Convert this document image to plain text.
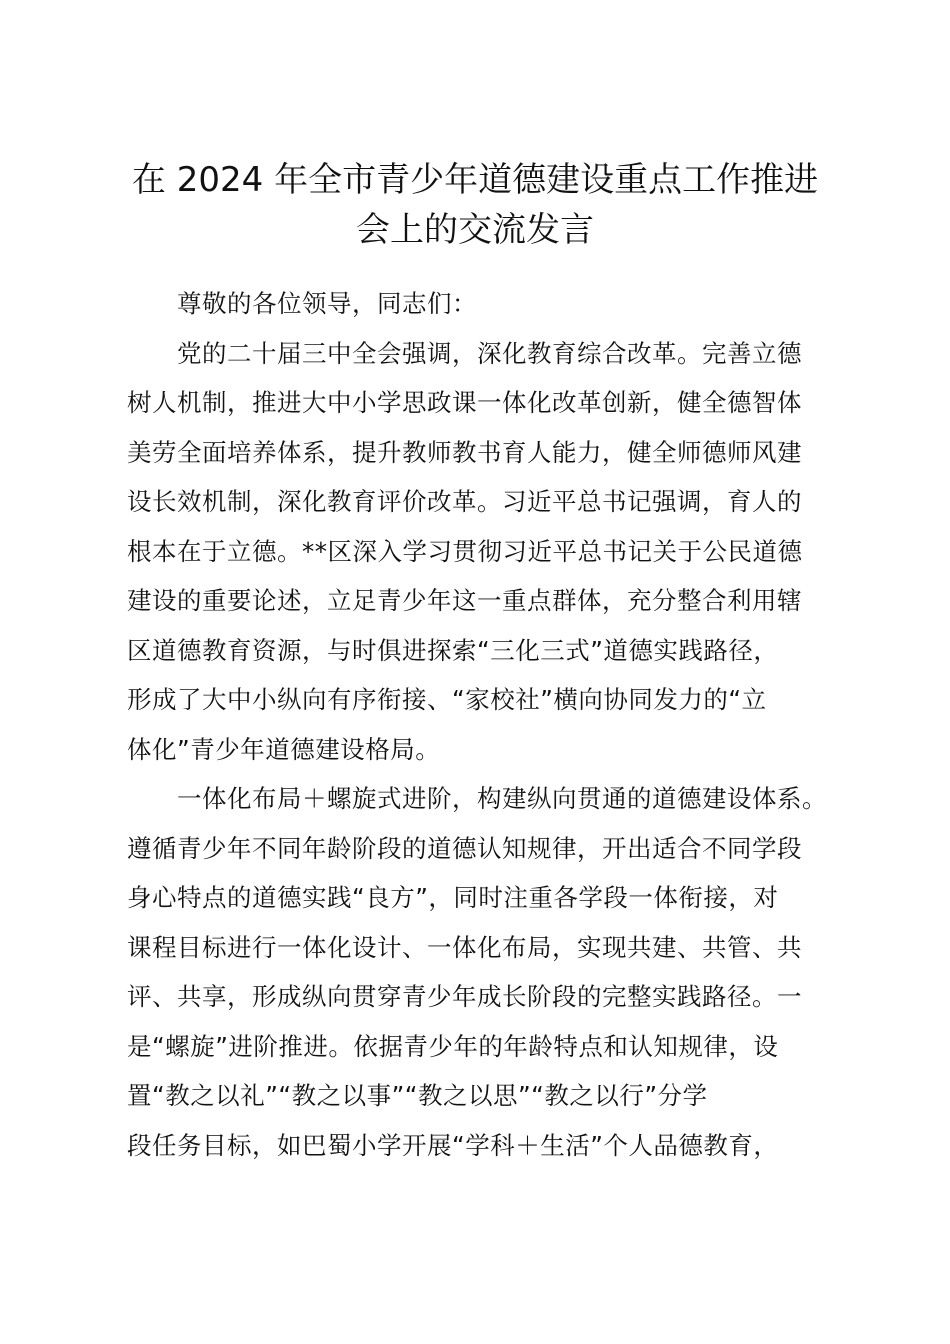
在 2024 年全市青少年道德建设重点工作推进
会上的交流发言
尊敬的各位领导，同志们：
党的二十届三中全会强调，深化教育综合改革。完善立德
树人机制，推进大中小学思政课一体化改革创新，健全德智体
美劳全面培养体系，提升教师教书育人能力，健全师德师风建
设长效机制，深化教育评价改革。习近平总书记强调，育人的
根本在于立德。**区深入学习贯彻习近平总书记关于公民道德
建设的重要论述，立足青少年这一重点群体，充分整合利用辖
区道德教育资源，与时俱进探索“三化三式”道德实践路径，
形成了大中小纵向有序衔接、“家校社”横向协同发力的“立
体化”青少年道德建设格局。
一体化布局＋螺旋式进阶，构建纵向贯通的道德建设体系。
遵循青少年不同年龄阶段的道德认知规律，开出适合不同学段
身心特点的道德实践“良方”，同时注重各学段一体衔接，对
课程目标进行一体化设计、一体化布局，实现共建、共管、共
评、共享，形成纵向贯穿青少年成长阶段的完整实践路径。一
是“螺旋”进阶推进。依据青少年的年龄特点和认知规律，设
置“教之以礼”“教之以事”“教之以思”“教之以行”分学
段任务目标，如巴蜀小学开展“学科＋生活”个人品德教育，
